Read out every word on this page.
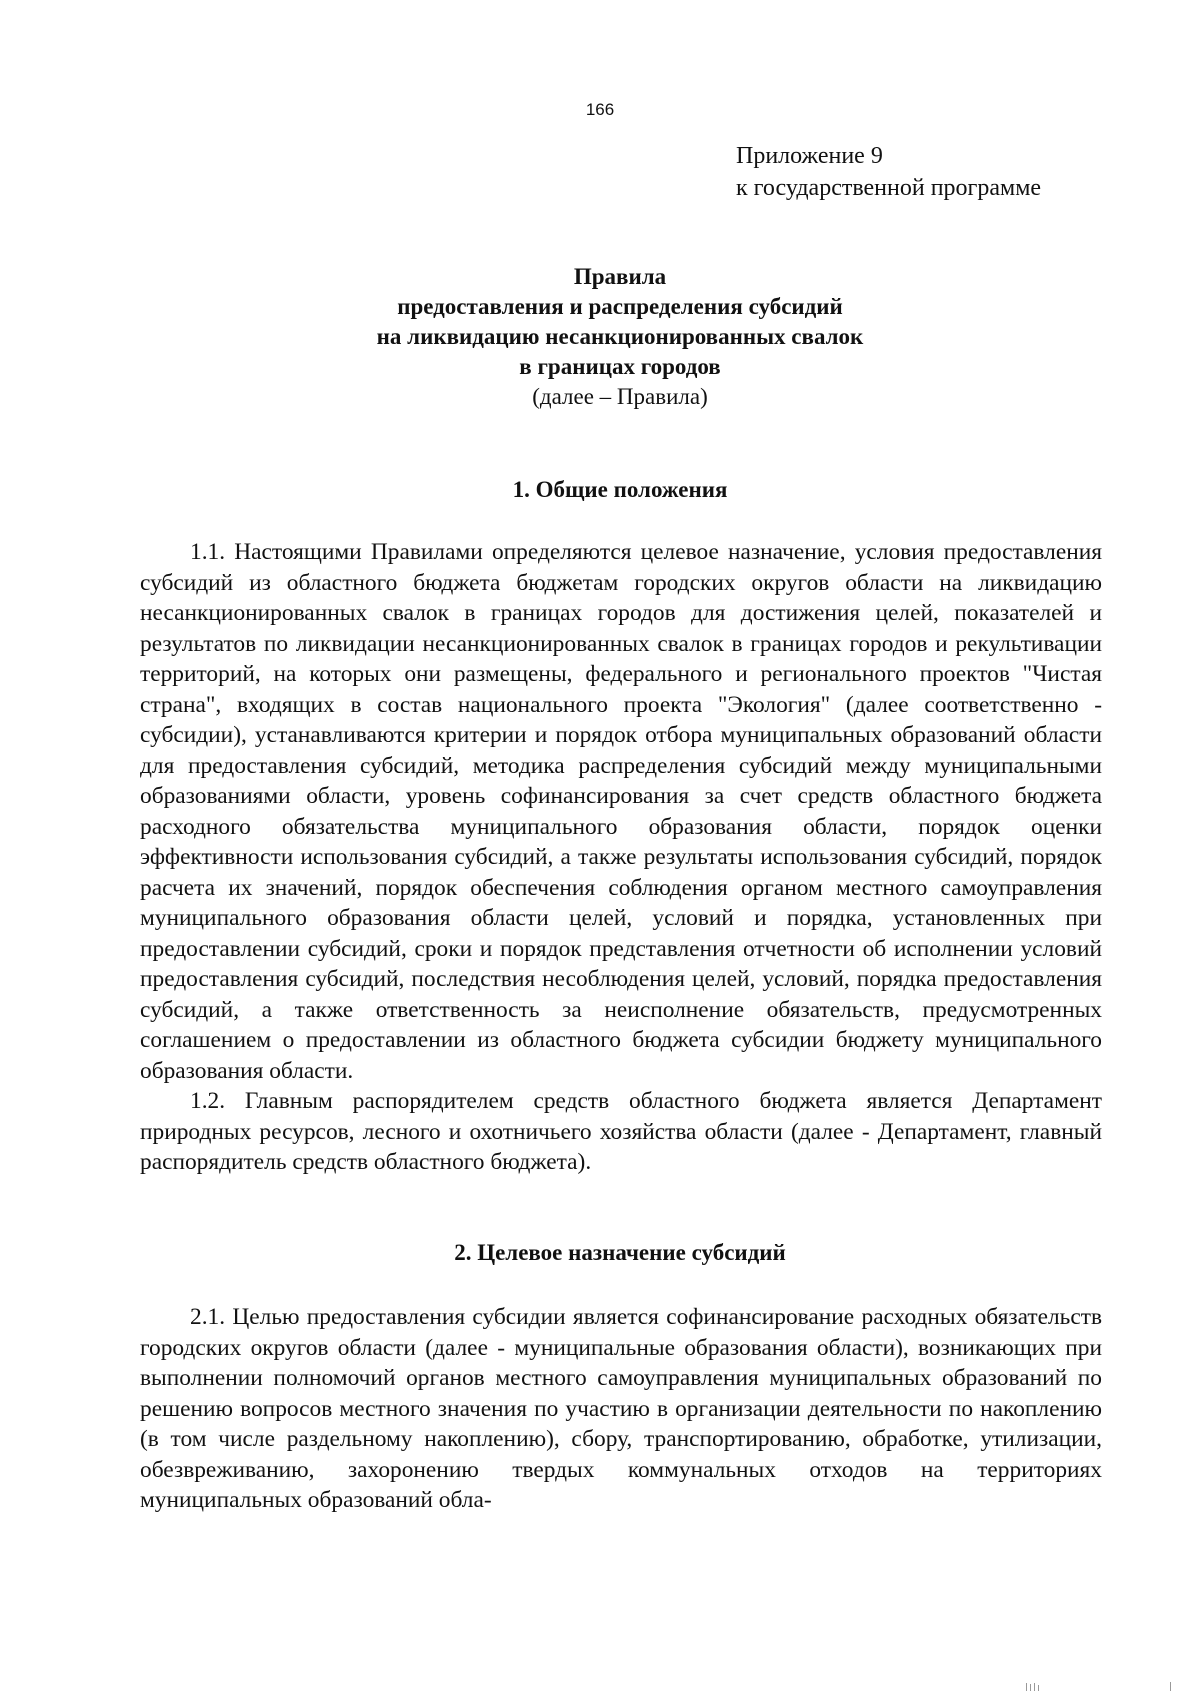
166
Приложение 9
к государственной программе
Правила
предоставления и распределения субсидий
на ликвидацию несанкционированных свалок
в границах городов
(далее – Правила)
1. Общие положения

1.1. Настоящими Правилами определяются целевое назначение, условия предоставления субсидий из областного бюджета бюджетам городских округов области на ликвидацию несанкционированных свалок в границах городов для достижения целей, показателей и результатов по ликвидации несанкционированных свалок в границах городов и рекультивации территорий, на которых они размещены, федерального и регионального проектов "Чистая страна", входящих в состав национального проекта "Экология" (далее соответственно - субсидии), устанавливаются критерии и порядок отбора муниципальных образований области для предоставления субсидий, методика распределения субсидий между муниципальными образованиями области, уровень софинансирования за счет средств областного бюджета расходного обязательства муниципального образования области, порядок оценки эффективности использования субсидий, а также результаты использования субсидий, порядок расчета их значений, порядок обеспечения соблюдения органом местного самоуправления муниципального образования области целей, условий и порядка, установленных при предоставлении субсидий, сроки и порядок представления отчетности об исполнении условий предоставления субсидий, последствия несоблюдения целей, условий, порядка предоставления субсидий, а также ответственность за неисполнение обязательств, предусмотренных соглашением о предоставлении из областного бюджета субсидии бюджету муниципального образования области.

1.2. Главным распорядителем средств областного бюджета является Департамент природных ресурсов, лесного и охотничьего хозяйства области (далее - Департамент, главный распорядитель средств областного бюджета).

2. Целевое назначение субсидий

2.1. Целью предоставления субсидии является софинансирование расходных обязательств городских округов области (далее - муниципальные образования области), возникающих при выполнении полномочий органов местного самоуправления муниципальных образований по решению вопросов местного значения по участию в организации деятельности по накоплению (в том числе раздельному накоплению), сбору, транспортированию, обработке, утилизации, обезвреживанию, захоронению твердых коммунальных отходов на территориях муниципальных образований обла-
